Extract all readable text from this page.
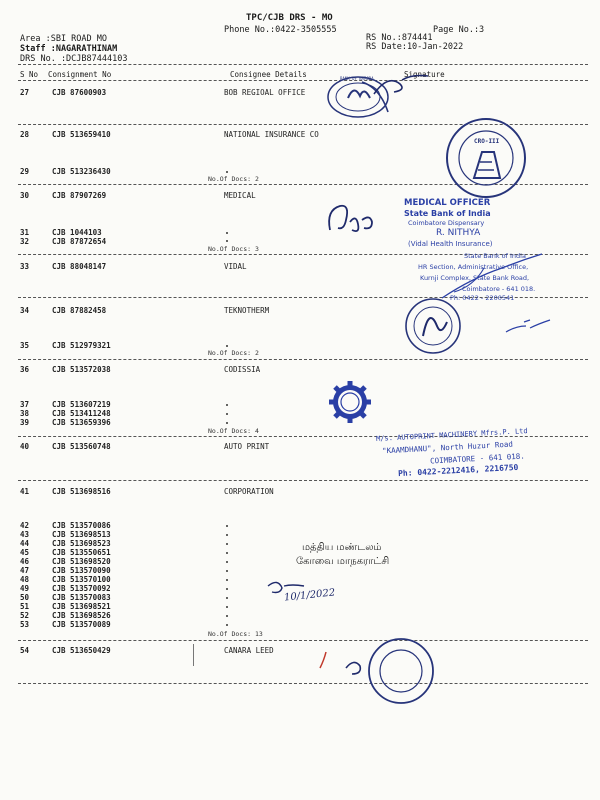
TPC/CJB DRS - MO
Phone No.:0422-3505555	Page No.:3
Area :SBI ROAD MO	RS No.:874441
Staff :NAGARATHINAM	RS Date:10-Jan-2022
DRS No. :DCJB87444103
S No Consignment No	Consignee Details	Signature
27	CJB 87600903	BOB REGIOAL OFFICE
28	CJB 513659410	NATIONAL INSURANCE CO
29	CJB 513236430
No.Of Docs: 2
30	CJB 87907269	MEDICAL
31	CJB 1044103
32	CJB 87872654
No.Of Docs: 3
33	CJB 88048147	VIDAL
34	CJB 87882458	TEKNOTHERM
35	CJB 512979321
No.Of Docs: 2
36	CJB 513572038	CODISSIA
37	CJB 513607219
38	CJB 513411248
39	CJB 513659396
No.Of Docs: 4
40	CJB 513560748	AUTO PRINT
41	CJB 513698516	CORPORATION
42	CJB 513570086
43	CJB 513698513
44	CJB 513698523
45	CJB 513550651
46	CJB 513698520
47	CJB 513570090
48	CJB 513570100
49	CJB 513570092
50	CJB 513570083
51	CJB 513698521
52	CJB 513698526
53	CJB 513570089
No.Of Docs: 13
54	CJB 513650429	CANARA LEED
BANK OF BARODA
CRO-III
MEDICAL OFFICER
State Bank of India
Coimbatore Dispensary
R. NITHYA
(Vidal Health Insurance)
State Bank of India
HR Section, Administrative Office,
Kurnji Complex, State Bank Road,
Coimbatore - 641 018.
Ph: 0422 - 2200541
M/s. AUTOPRINT MACHINERY Mfrs.P. Ltd
"KAAMDHANU", North Huzur Road
COIMBATORE - 641 018.
Ph: 0422-2212416, 2216750
மத்திய மண்டலம்
கோவை மாநகராட்சி
10/1/2022
